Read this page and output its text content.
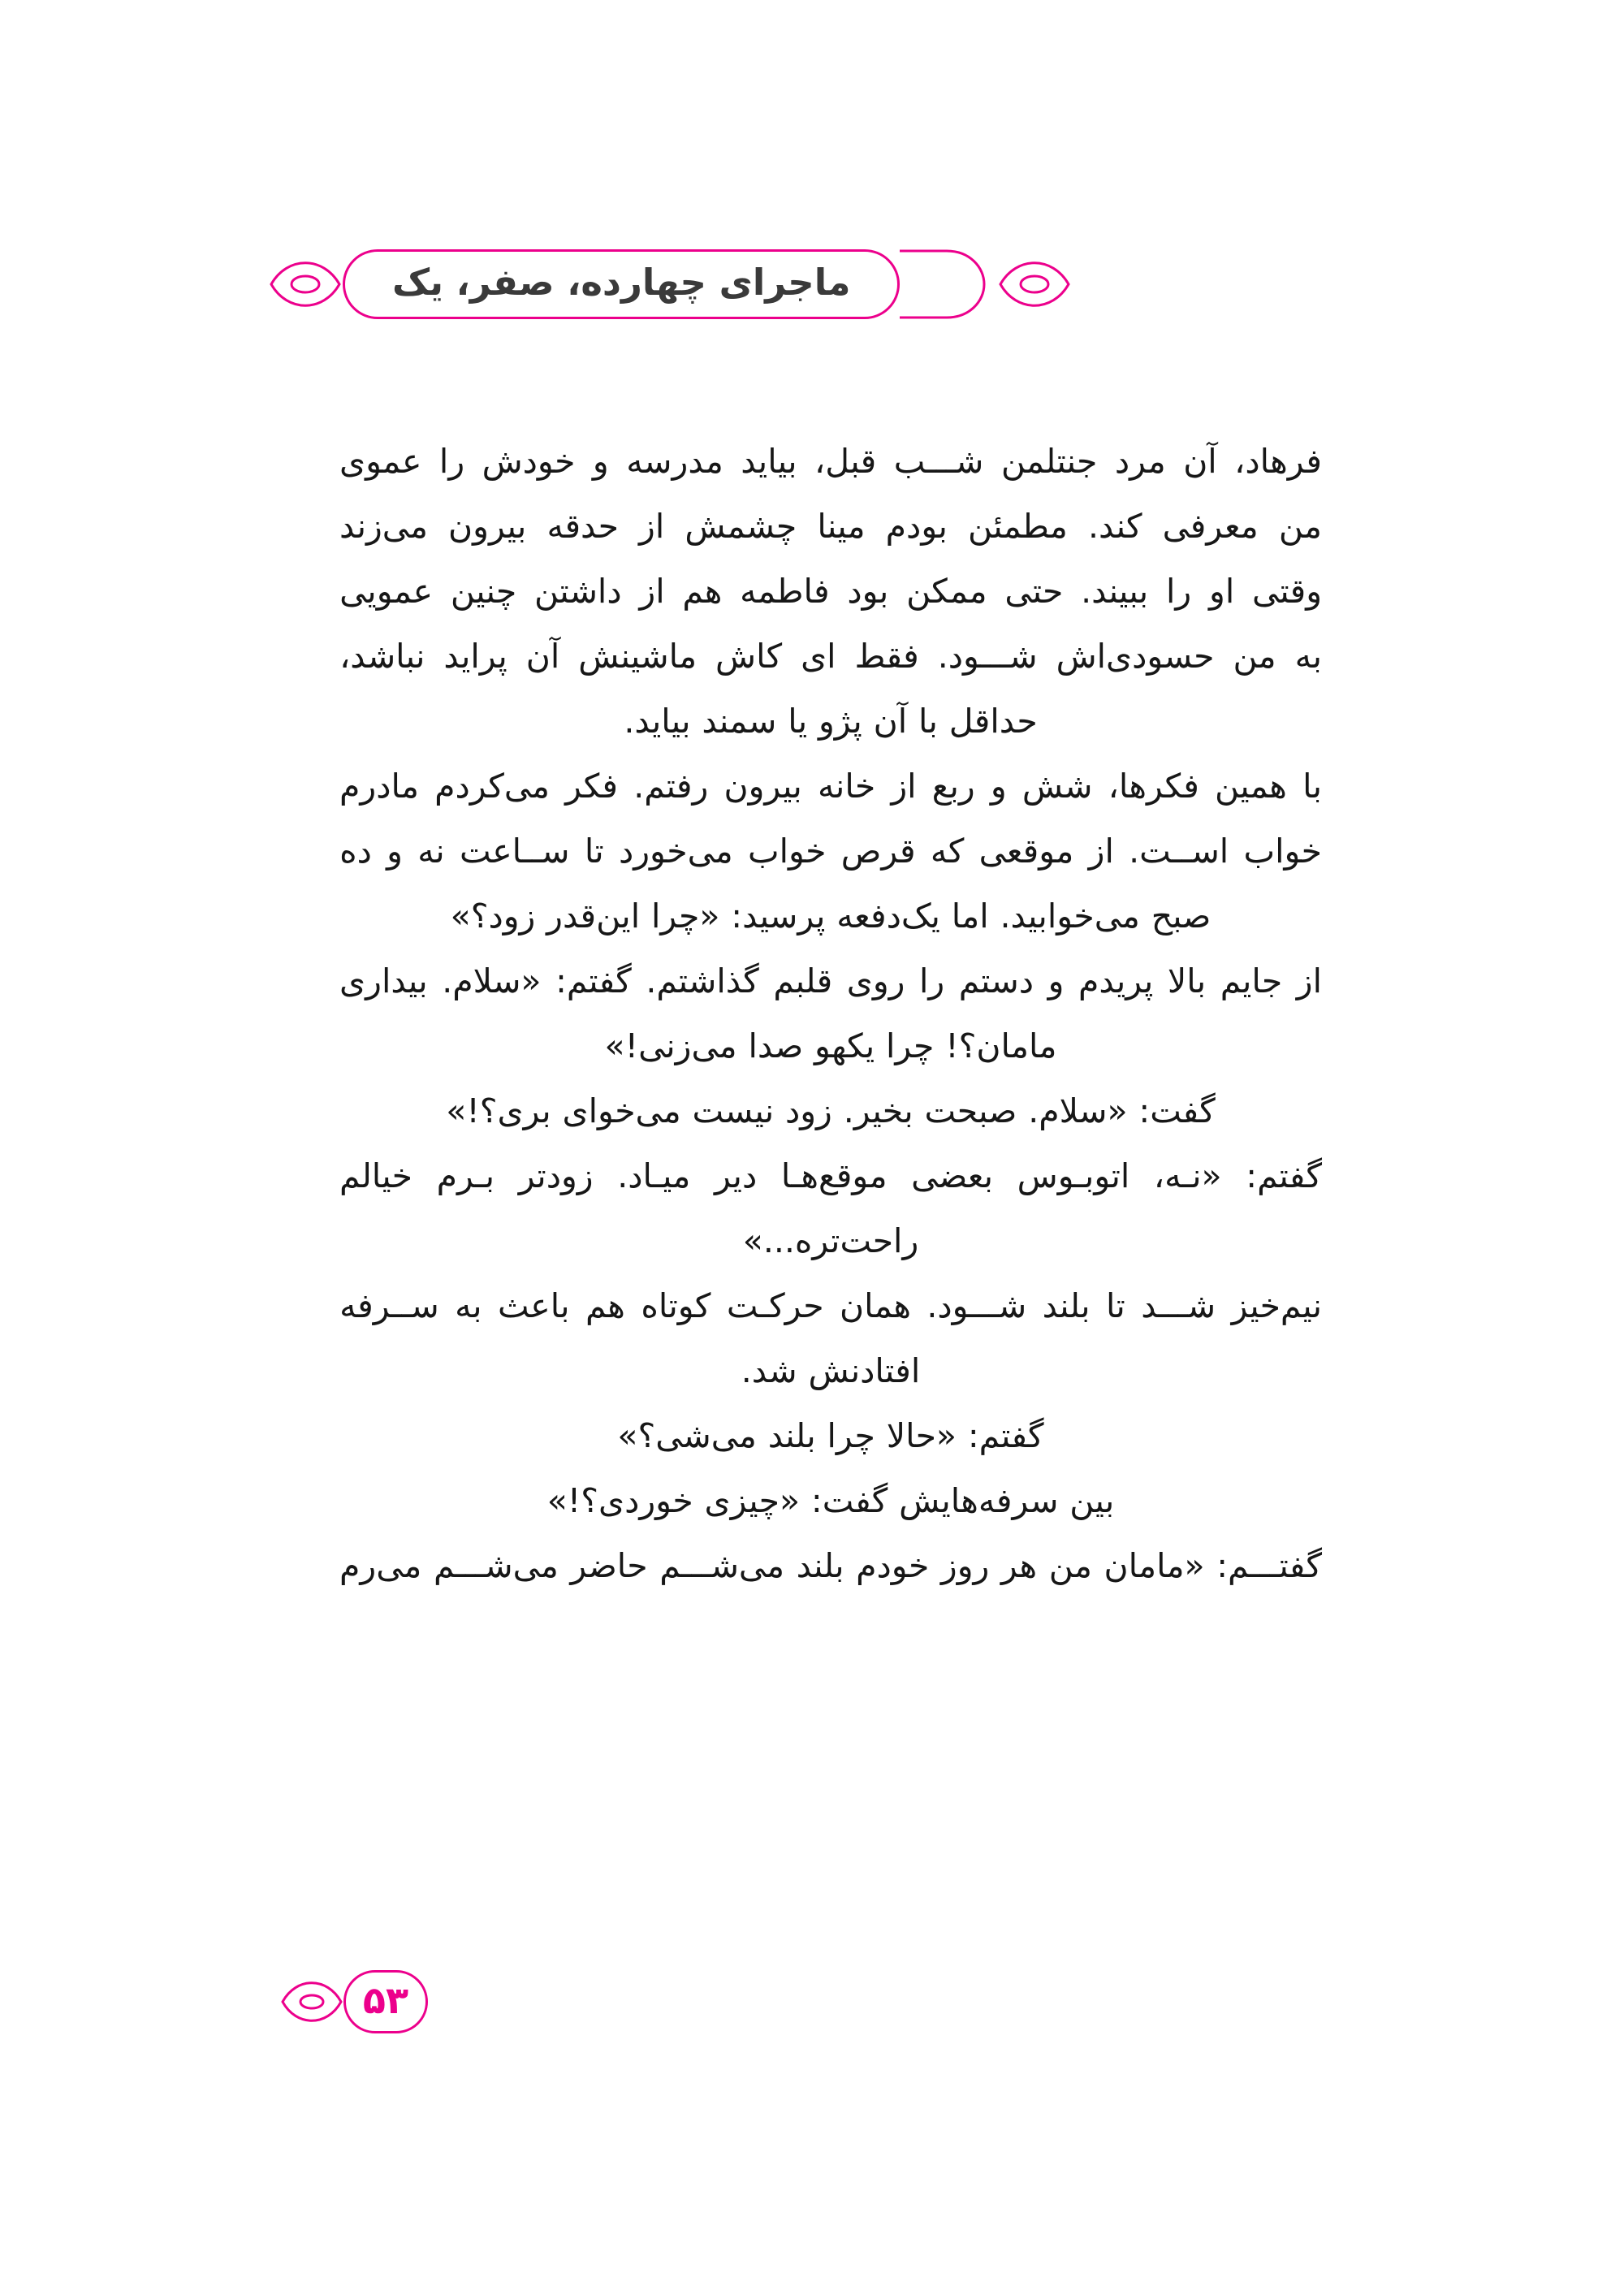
ماجرای چهارده، صفر، یک
فرهاد،
آن
مرد
جنتلمن
شـــب
قبل،
بیاید
مدرسه
و
خودش
را
عموی
من
معرفی
کند.
مطمئن
بودم
مینا
چشمش
از
حدقه
بیرون
می‌زند
وقتی
او
را
ببیند.
حتی
ممکن
بود
فاطمه
هم
از
داشتن
چنین
عمویی
به
من
حسودی‌اش
شـــود.
فقط
ای
کاش
ماشینش
آن
پراید
نباشد،
حداقل با آن پژو یا سمند بیاید.
با
همین
فکرها،
شش
و
ربع
از
خانه
بیرون
رفتم.
فکر
می‌کردم
مادرم
خواب
اســت.
از
موقعی
که
قرص
خواب
می‌خورد
تا
ســاعت
نه
و
ده
صبح می‌خوابید. اما یک‌دفعه پرسید: «چرا این‌قدر زود؟»
از
جایم
بالا
پریدم
و
دستم
را
روی
قلبم
گذاشتم.
گفتم:
«سلام.
بیداری
مامان؟! چرا یکهو صدا می‌زنی!»
گفت: «سلام. صبحت بخیر. زود نیست می‌خوای بری؟!»
گفتم:
«نـه،
اتوبـوس
بعضی
موقع‌هـا
دیر
میـاد.
زودتر
بـرم
خیالم
راحت‌تره...»
نیم‌خیز
شـــد
تا
بلند
شـــود.
همان
حرکـت
کوتاه
هم
باعث
به
ســرفه
افتادنش شد.
گفتم: «حالا چرا بلند می‌شی؟»
بین سرفه‌هایش گفت: «چیزی خوردی؟!»
گفتـــم:
«مامان
من
هر
روز
خودم
بلند
می‌شـــم
حاضر
می‌شـــم
می‌رم
۵۳
